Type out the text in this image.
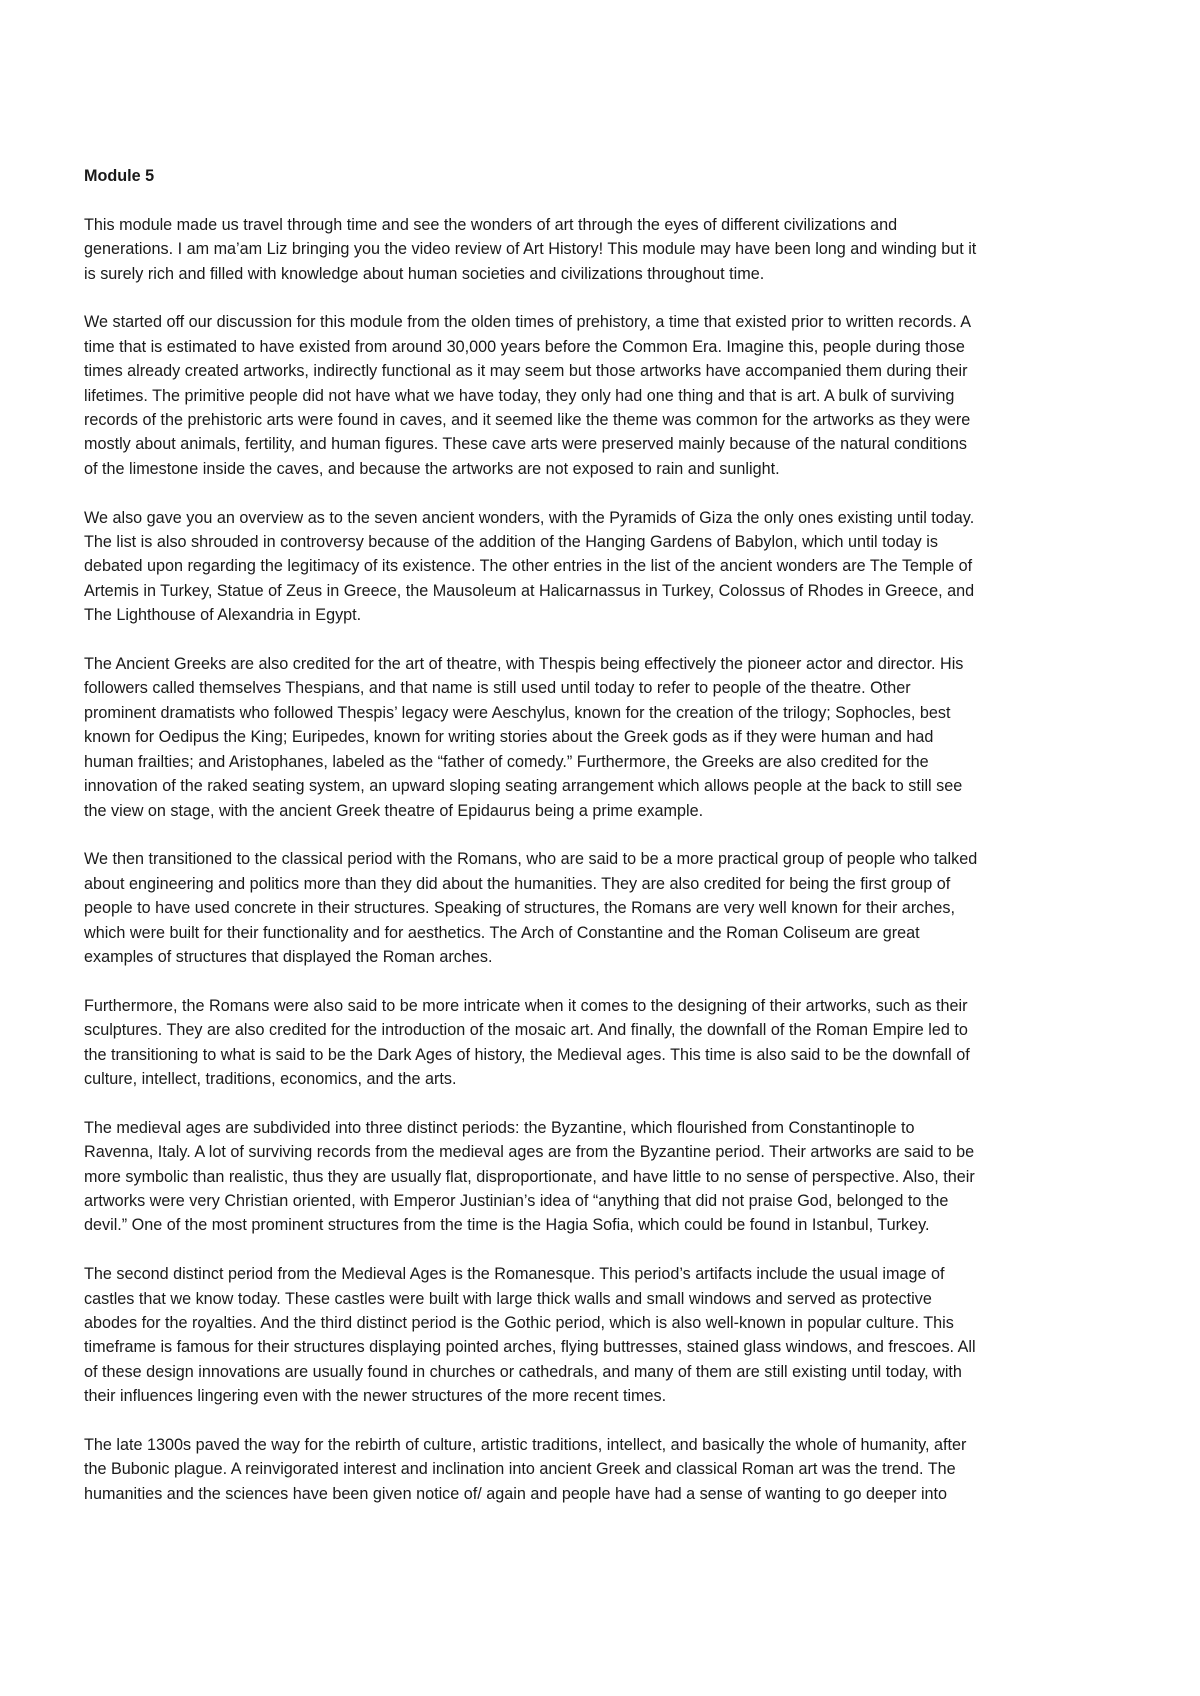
Module 5
This module made us travel through time and see the wonders of art through the eyes of different civilizations and
generations. I am ma’am Liz bringing you the video review of Art History! This module may have been long and winding but it
is surely rich and filled with knowledge about human societies and civilizations throughout time.
We started off our discussion for this module from the olden times of prehistory, a time that existed prior to written records. A
time that is estimated to have existed from around 30,000 years before the Common Era. Imagine this, people during those
times already created artworks, indirectly functional as it may seem but those artworks have accompanied them during their
lifetimes. The primitive people did not have what we have today, they only had one thing and that is art. A bulk of surviving
records of the prehistoric arts were found in caves, and it seemed like the theme was common for the artworks as they were
mostly about animals, fertility, and human figures. These cave arts were preserved mainly because of the natural conditions
of the limestone inside the caves, and because the artworks are not exposed to rain and sunlight.
We also gave you an overview as to the seven ancient wonders, with the Pyramids of Giza the only ones existing until today.
The list is also shrouded in controversy because of the addition of the Hanging Gardens of Babylon, which until today is
debated upon regarding the legitimacy of its existence. The other entries in the list of the ancient wonders are The Temple of
Artemis in Turkey, Statue of Zeus in Greece, the Mausoleum at Halicarnassus in Turkey, Colossus of Rhodes in Greece, and
The Lighthouse of Alexandria in Egypt.
The Ancient Greeks are also credited for the art of theatre, with Thespis being effectively the pioneer actor and director. His
followers called themselves Thespians, and that name is still used until today to refer to people of the theatre. Other
prominent dramatists who followed Thespis’ legacy were Aeschylus, known for the creation of the trilogy; Sophocles, best
known for Oedipus the King; Euripedes, known for writing stories about the Greek gods as if they were human and had
human frailties; and Aristophanes, labeled as the “father of comedy.” Furthermore, the Greeks are also credited for the
innovation of the raked seating system, an upward sloping seating arrangement which allows people at the back to still see
the view on stage, with the ancient Greek theatre of Epidaurus being a prime example.
We then transitioned to the classical period with the Romans, who are said to be a more practical group of people who talked
about engineering and politics more than they did about the humanities. They are also credited for being the first group of
people to have used concrete in their structures. Speaking of structures, the Romans are very well known for their arches,
which were built for their functionality and for aesthetics. The Arch of Constantine and the Roman Coliseum are great
examples of structures that displayed the Roman arches.
Furthermore, the Romans were also said to be more intricate when it comes to the designing of their artworks, such as their
sculptures. They are also credited for the introduction of the mosaic art. And finally, the downfall of the Roman Empire led to
the transitioning to what is said to be the Dark Ages of history, the Medieval ages. This time is also said to be the downfall of
culture, intellect, traditions, economics, and the arts.
The medieval ages are subdivided into three distinct periods: the Byzantine, which flourished from Constantinople to
Ravenna, Italy. A lot of surviving records from the medieval ages are from the Byzantine period. Their artworks are said to be
more symbolic than realistic, thus they are usually flat, disproportionate, and have little to no sense of perspective. Also, their
artworks were very Christian oriented, with Emperor Justinian’s idea of “anything that did not praise God, belonged to the
devil.” One of the most prominent structures from the time is the Hagia Sofia, which could be found in Istanbul, Turkey.
The second distinct period from the Medieval Ages is the Romanesque. This period’s artifacts include the usual image of
castles that we know today. These castles were built with large thick walls and small windows and served as protective
abodes for the royalties. And the third distinct period is the Gothic period, which is also well-known in popular culture. This
timeframe is famous for their structures displaying pointed arches, flying buttresses, stained glass windows, and frescoes. All
of these design innovations are usually found in churches or cathedrals, and many of them are still existing until today, with
their influences lingering even with the newer structures of the more recent times.
The late 1300s paved the way for the rebirth of culture, artistic traditions, intellect, and basically the whole of humanity, after
the Bubonic plague. A reinvigorated interest and inclination into ancient Greek and classical Roman art was the trend. The
humanities and the sciences have been given notice of/ again and people have had a sense of wanting to go deeper into
